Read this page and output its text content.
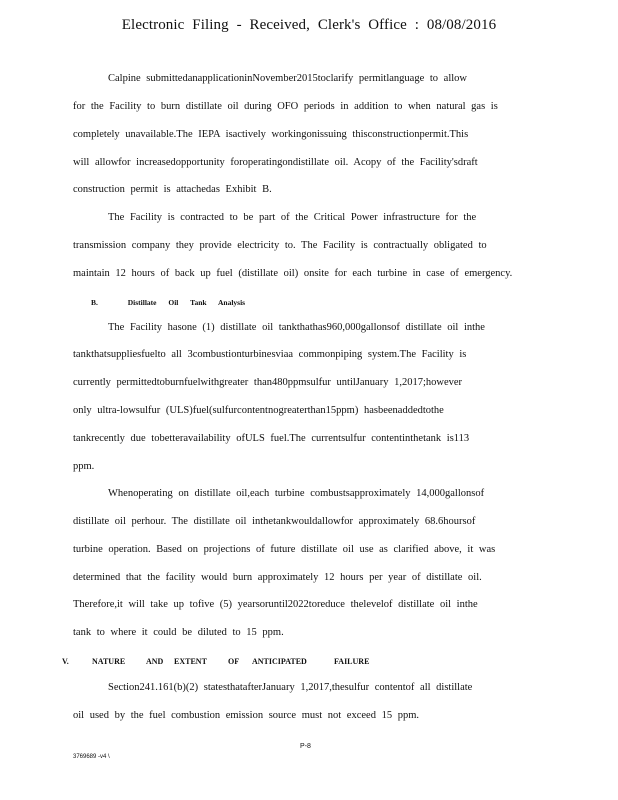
Electronic Filing - Received, Clerk's Office : 08/08/2016
Calpine submittedanapplicationinNovember2015toclarify permitlanguage to allow
for the Facility to burn distillate oil during OFO periods in addition to when natural gas is
completely unavailable.The IEPA isactively workingonissuing thisconstructionpermit.This
will allowfor increasedopportunity foroperatingondistillate oil. Acopy of the Facility'sdraft
construction permit is attachedas Exhibit B.
The Facility is contracted to be part of the Critical Power infrastructure for the
transmission company they provide electricity to. The Facility is contractually obligated to
maintain 12 hours of back up fuel (distillate oil) onsite for each turbine in case of emergency.
B.	Distillate Oil Tank Analysis
The Facility hasone (1) distillate oil tankthathas960,000gallonsof distillate oil inthe
tankthatsuppliesfuelto all 3combustionturbinesviaa commonpiping system.The Facility is
currently permittedtoburnfuelwithgreater than480ppmsulfur untilJanuary 1,2017;however
only ultra-lowsulfur (ULS)fuel(sulfurcontentnogreaterthan15ppm) hasbeenaddedtothe
tankrecently due tobetteravailability ofULS fuel.The currentsulfur contentinthetank is113
ppm.
Whenoperating on distillate oil,each turbine combustsapproximately 14,000gallonsof
distillate oil perhour. The distillate oil inthetankwouldallowfor approximately 68.6hoursof
turbine operation. Based on projections of future distillate oil use as clarified above, it was
determined that the facility would burn approximately 12 hours per year of distillate oil.
Therefore,it will take up tofive (5) yearsoruntil2022toreduce thelevelof distillate oil inthe
tank to where it could be diluted to 15 ppm.
V.	NATURE	AND EXTENT	OF ANTICIPATED	FAILURE
Section241.161(b)(2) statesthatafterJanuary 1,2017,thesulfur contentof all distillate
oil used by the fuel combustion emission source must not exceed 15 ppm.
P-8
3769689 -v4 \
